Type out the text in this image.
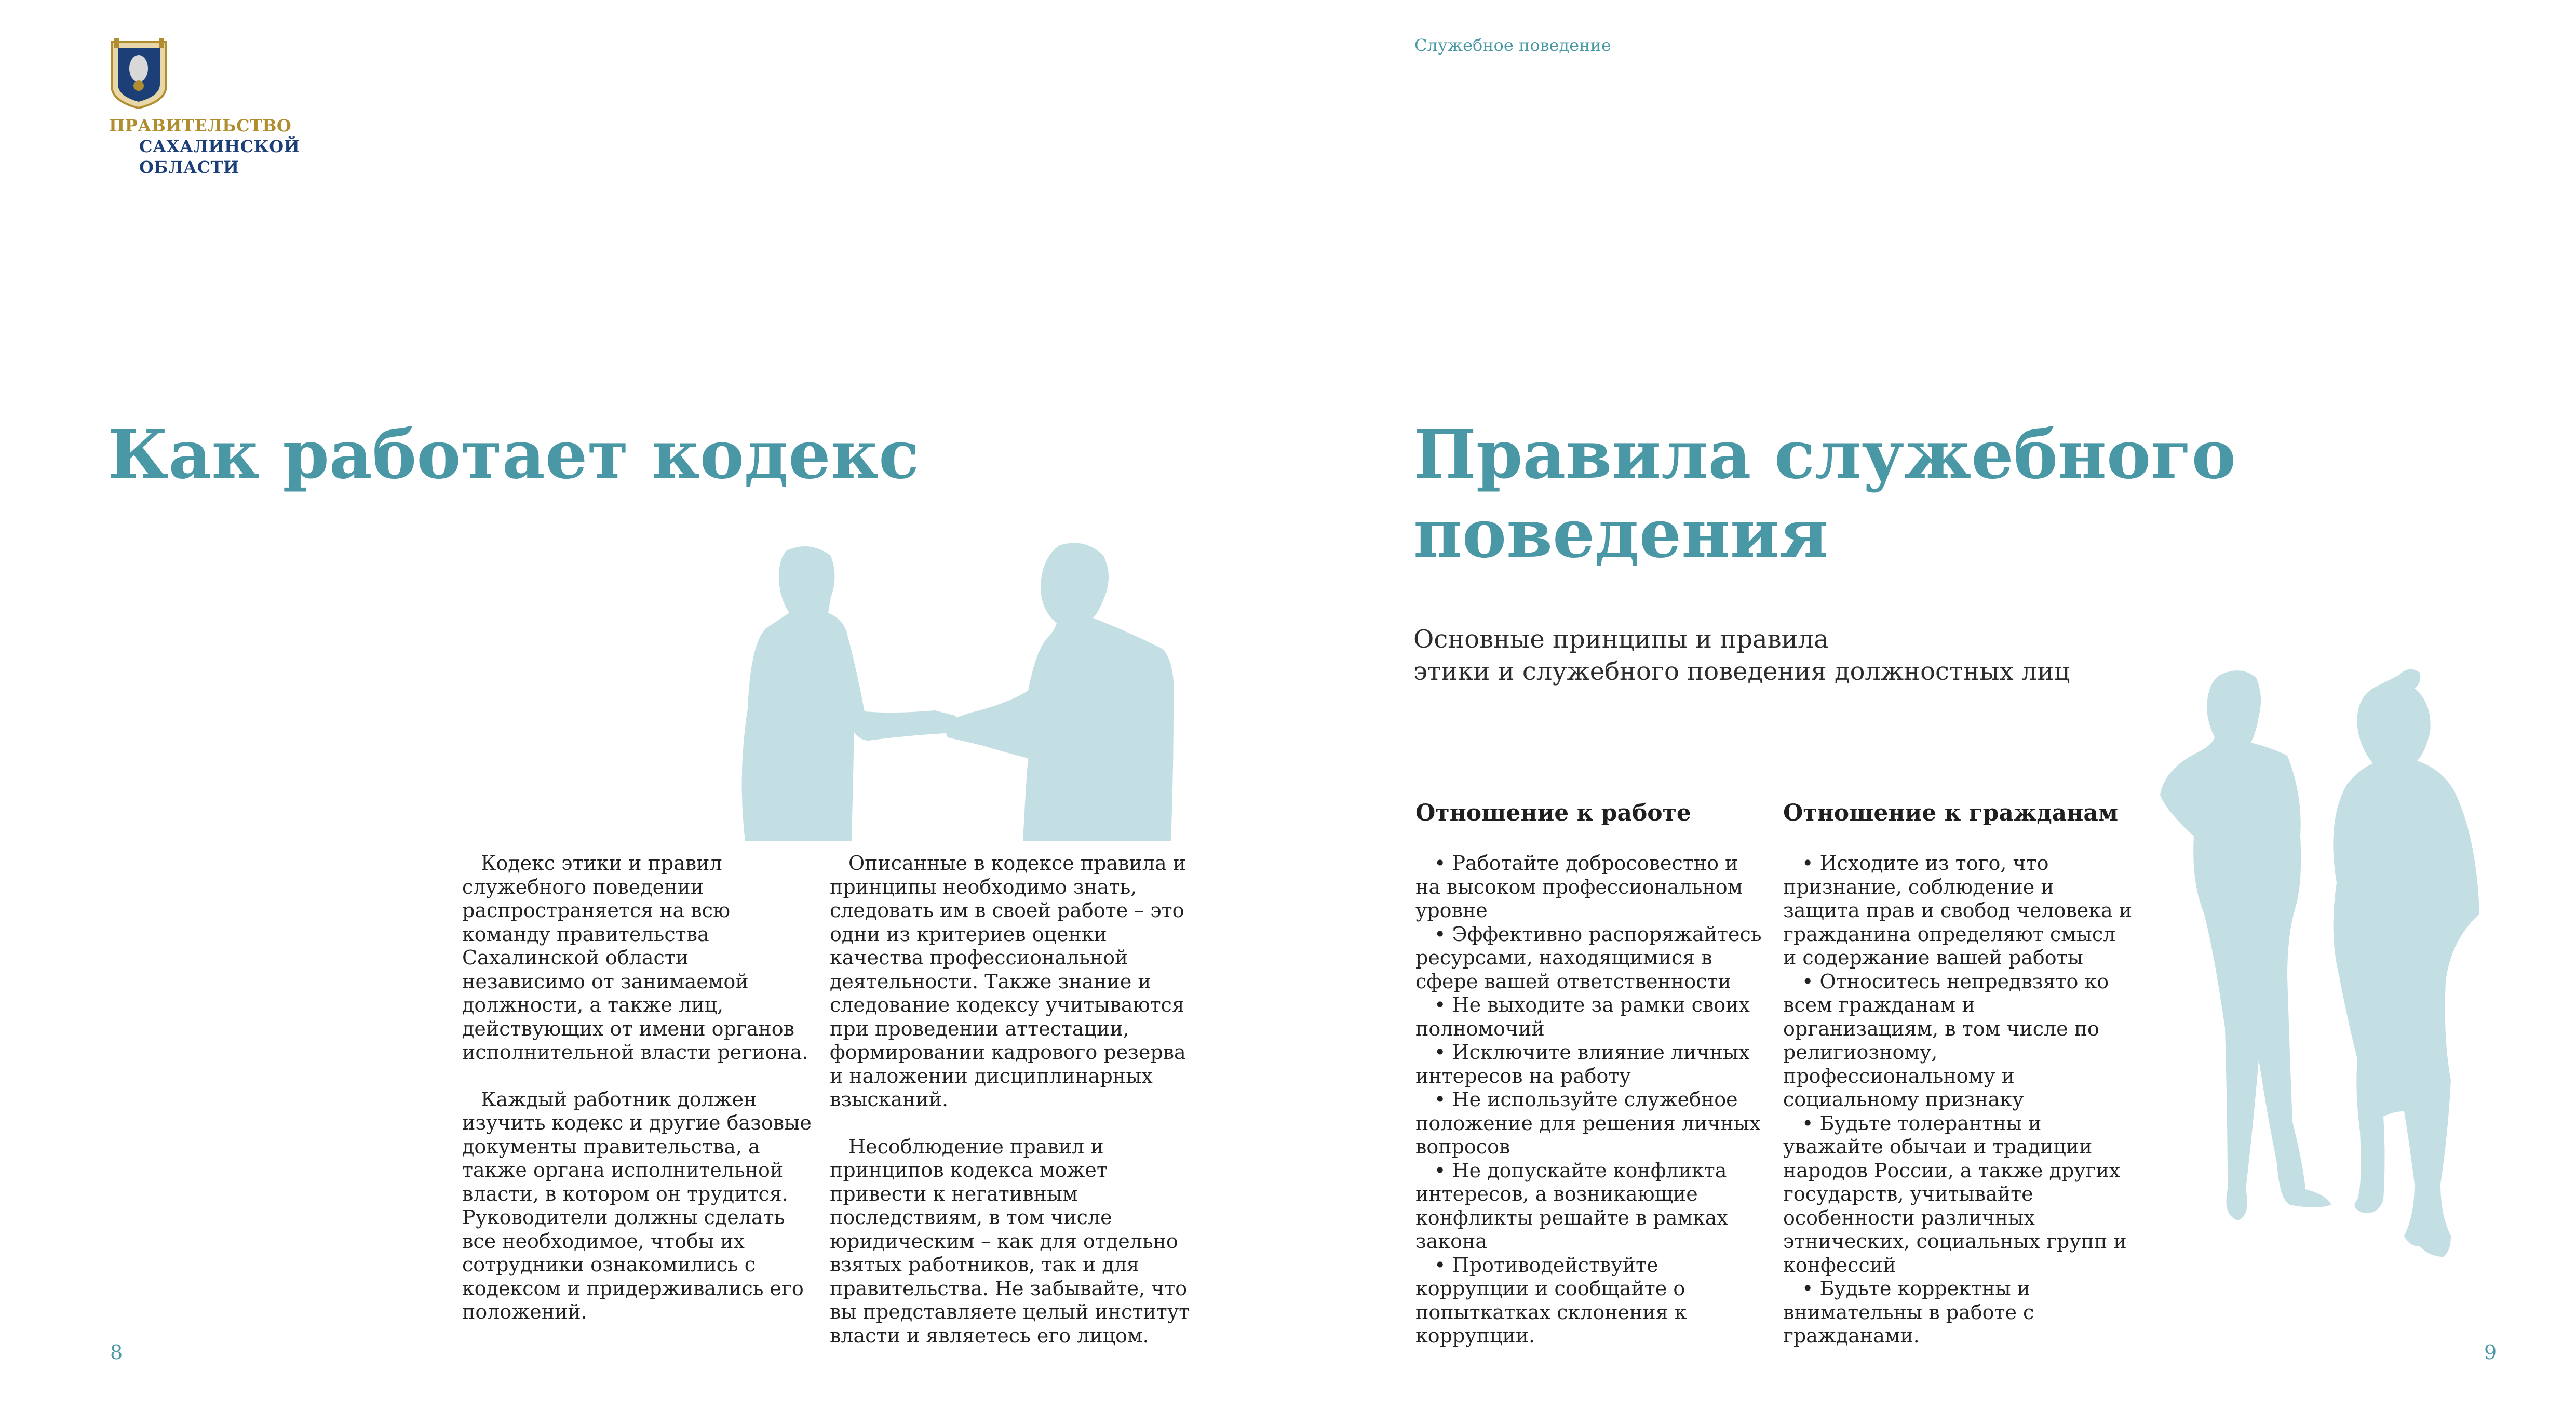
ПРАВИТЕЛЬСТВО
САХАЛИНСКОЙ
ОБЛАСТИ
Служебное поведение
Как работает кодекс

Кодекс этики и правил служебного поведении распространяется на всю команду правительства Сахалинской области независимо от занимаемой должности, а также лиц, действующих от имени органов исполнительной власти региона.

Каждый работник должен изучить кодекс и другие базовые документы правительства, а также органа исполнительной власти, в котором он трудится. Руководители должны сделать все необходимое, чтобы их сотрудники ознакомились с кодексом и придерживались его положений.

Описанные в кодексе правила и принципы необходимо знать, следовать им в своей работе – это одни из критериев оценки качества профессиональной деятельности. Также знание и следование кодексу учитываются при проведении аттестации, формировании кадрового резерва и наложении дисциплинарных взысканий.

Несоблюдение правил и принципов кодекса может привести к негативным последствиям, в том числе юридическим – как для отдельно взятых работников, так и для правительства. Не забывайте, что вы представляете целый институт власти и являетесь его лицом.

8
Правила служебного
поведения
Основные принципы и правила
этики и служебного поведения должностных лиц
Отношение к работе
• Работайте добросовестно и на высоком профессиональном уровне
• Эффективно распоряжайтесь ресурсами, находящимися в сфере вашей ответственности
• Не выходите за рамки своих полномочий
• Исключите влияние личных интересов на работу
• Не используйте служебное положение для решения личных вопросов
• Не допускайте конфликта интересов, а возникающие конфликты решайте в рамках закона
• Противодействуйте коррупции и сообщайте о попыткатках склонения к коррупции.
Отношение к гражданам
• Исходите из того, что признание, соблюдение и защита прав и свобод человека и гражданина определяют смысл и содержание вашей работы
• Относитесь непредвзято ко всем гражданам и организациям, в том числе по религиозному, профессиональному и социальному признаку
• Будьте толерантны и уважайте обычаи и традиции народов России, а также других государств, учитывайте особенности различных этнических, социальных групп и конфессий
• Будьте корректны и внимательны в работе с гражданами.
9
